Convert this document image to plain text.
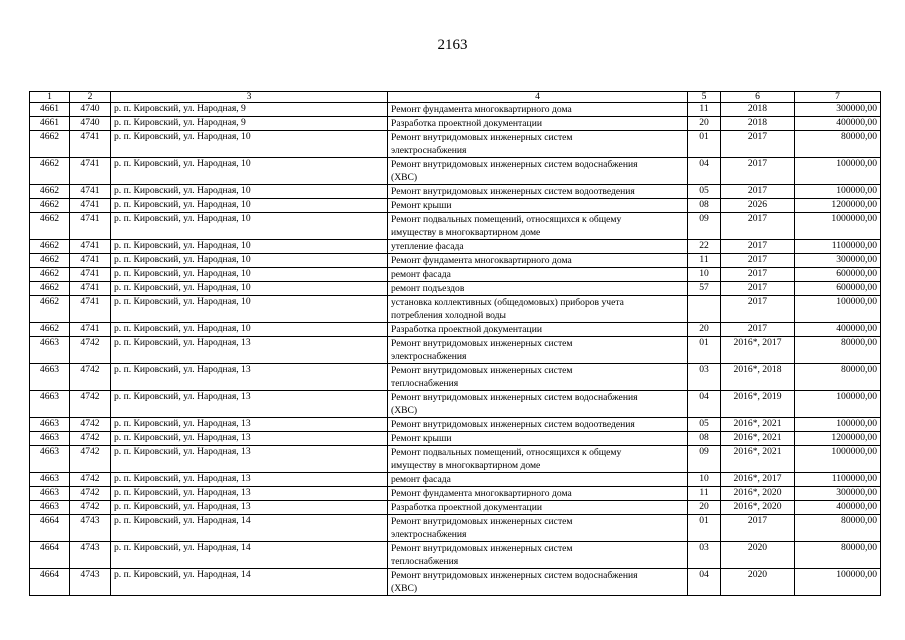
2163
1	2	3	4	5	6	7
4661	4740	р. п. Кировский, ул. Народная, 9	Ремонт фундамента многоквартирного дома	11	2018	300000,00
4661	4740	р. п. Кировский, ул. Народная, 9	Разработка проектной документации	20	2018	400000,00
4662	4741	р. п. Кировский, ул. Народная, 10	Ремонт внутридомовых инженерных систем
электроснабжения	01	2017	80000,00
4662	4741	р. п. Кировский, ул. Народная, 10	Ремонт внутридомовых инженерных систем водоснабжения
(ХВС)	04	2017	100000,00
4662	4741	р. п. Кировский, ул. Народная, 10	Ремонт внутридомовых инженерных систем водоотведения	05	2017	100000,00
4662	4741	р. п. Кировский, ул. Народная, 10	Ремонт крыши	08	2026	1200000,00
4662	4741	р. п. Кировский, ул. Народная, 10	Ремонт подвальных помещений, относящихся к общему
имуществу в многоквартирном доме	09	2017	1000000,00
4662	4741	р. п. Кировский, ул. Народная, 10	утепление фасада	22	2017	1100000,00
4662	4741	р. п. Кировский, ул. Народная, 10	Ремонт фундамента многоквартирного дома	11	2017	300000,00
4662	4741	р. п. Кировский, ул. Народная, 10	ремонт фасада	10	2017	600000,00
4662	4741	р. п. Кировский, ул. Народная, 10	ремонт подъездов	57	2017	600000,00
4662	4741	р. п. Кировский, ул. Народная, 10	установка коллективных (общедомовых) приборов учета
потребления холодной воды		2017	100000,00
4662	4741	р. п. Кировский, ул. Народная, 10	Разработка проектной документации	20	2017	400000,00
4663	4742	р. п. Кировский, ул. Народная, 13	Ремонт внутридомовых инженерных систем
электроснабжения	01	2016*, 2017	80000,00
4663	4742	р. п. Кировский, ул. Народная, 13	Ремонт внутридомовых инженерных систем
теплоснабжения	03	2016*, 2018	80000,00
4663	4742	р. п. Кировский, ул. Народная, 13	Ремонт внутридомовых инженерных систем водоснабжения
(ХВС)	04	2016*, 2019	100000,00
4663	4742	р. п. Кировский, ул. Народная, 13	Ремонт внутридомовых инженерных систем водоотведения	05	2016*, 2021	100000,00
4663	4742	р. п. Кировский, ул. Народная, 13	Ремонт крыши	08	2016*, 2021	1200000,00
4663	4742	р. п. Кировский, ул. Народная, 13	Ремонт подвальных помещений, относящихся к общему
имуществу в многоквартирном доме	09	2016*, 2021	1000000,00
4663	4742	р. п. Кировский, ул. Народная, 13	ремонт фасада	10	2016*, 2017	1100000,00
4663	4742	р. п. Кировский, ул. Народная, 13	Ремонт фундамента многоквартирного дома	11	2016*, 2020	300000,00
4663	4742	р. п. Кировский, ул. Народная, 13	Разработка проектной документации	20	2016*, 2020	400000,00
4664	4743	р. п. Кировский, ул. Народная, 14	Ремонт внутридомовых инженерных систем
электроснабжения	01	2017	80000,00
4664	4743	р. п. Кировский, ул. Народная, 14	Ремонт внутридомовых инженерных систем
теплоснабжения	03	2020	80000,00
4664	4743	р. п. Кировский, ул. Народная, 14	Ремонт внутридомовых инженерных систем водоснабжения
(ХВС)	04	2020	100000,00
